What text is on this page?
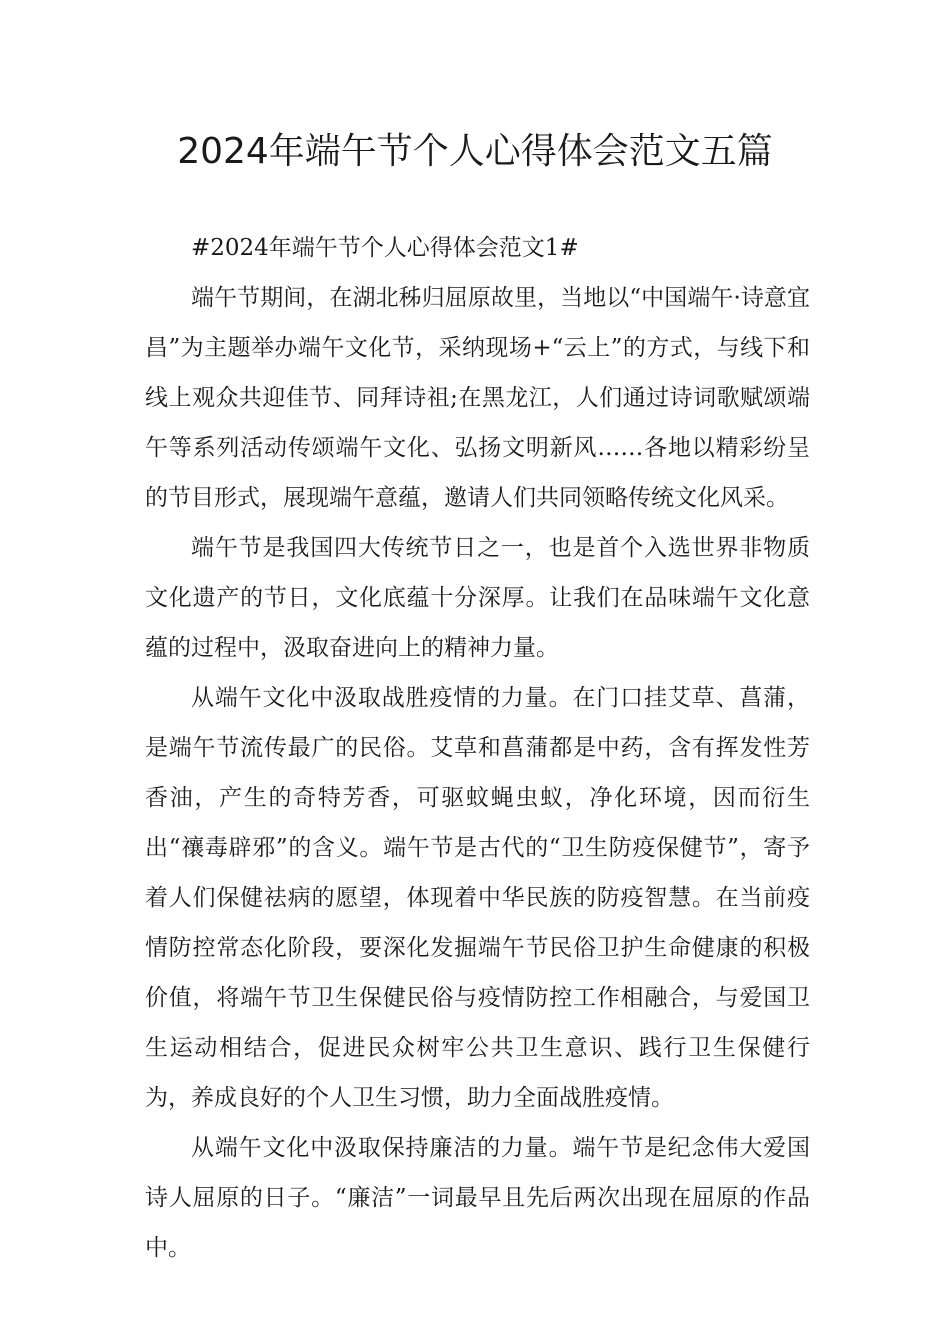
2024年端午节个人心得体会范文五篇

#2024年端午节个人心得体会范文1#

端午节期间，在湖北秭归屈原故里，当地以“中国端午·诗意宜昌”为主题举办端午文化节，采纳现场+“云上”的方式，与线下和线上观众共迎佳节、同拜诗祖;在黑龙江，人们通过诗词歌赋颂端午等系列活动传颂端午文化、弘扬文明新风……各地以精彩纷呈的节目形式，展现端午意蕴，邀请人们共同领略传统文化风采。

端午节是我国四大传统节日之一，也是首个入选世界非物质文化遗产的节日，文化底蕴十分深厚。让我们在品味端午文化意蕴的过程中，汲取奋进向上的精神力量。

从端午文化中汲取战胜疫情的力量。在门口挂艾草、菖蒲，是端午节流传最广的民俗。艾草和菖蒲都是中药，含有挥发性芳香油，产生的奇特芳香，可驱蚊蝇虫蚁，净化环境，因而衍生出“禳毒辟邪”的含义。端午节是古代的“卫生防疫保健节”，寄予着人们保健祛病的愿望，体现着中华民族的防疫智慧。在当前疫情防控常态化阶段，要深化发掘端午节民俗卫护生命健康的积极价值，将端午节卫生保健民俗与疫情防控工作相融合，与爱国卫生运动相结合，促进民众树牢公共卫生意识、践行卫生保健行为，养成良好的个人卫生习惯，助力全面战胜疫情。

从端午文化中汲取保持廉洁的力量。端午节是纪念伟大爱国诗人屈原的日子。“廉洁”一词最早且先后两次出现在屈原的作品中。
